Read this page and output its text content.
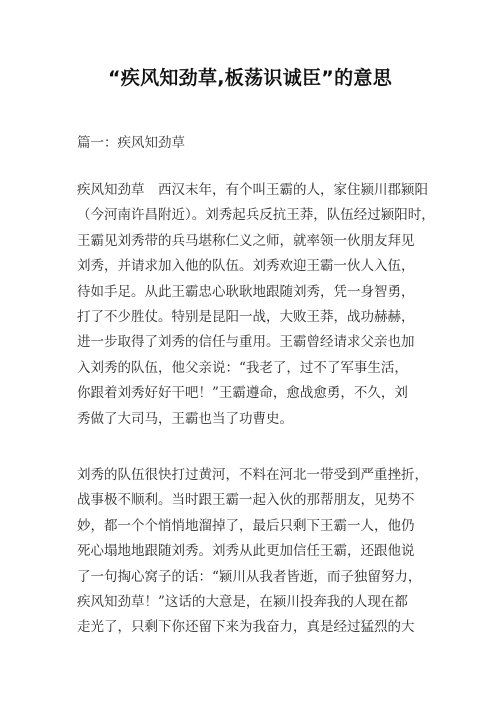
“疾风知劲草,板荡识诚臣”的意思
篇一：疾风知劲草
疾风知劲草　西汉末年，有个叫王霸的人，家住颍川郡颍阳
（今河南许昌附近）。刘秀起兵反抗王莽，队伍经过颍阳时，
王霸见刘秀带的兵马堪称仁义之师，就率领一伙朋友拜见
刘秀，并请求加入他的队伍。刘秀欢迎王霸一伙人入伍，
待如手足。从此王霸忠心耿耿地跟随刘秀，凭一身智勇，
打了不少胜仗。特别是昆阳一战，大败王莽，战功赫赫，
进一步取得了刘秀的信任与重用。王霸曾经请求父亲也加
入刘秀的队伍，他父亲说：“我老了，过不了军事生活，
你跟着刘秀好好干吧！”王霸遵命，愈战愈勇，不久，刘
秀做了大司马，王霸也当了功曹史。
刘秀的队伍很快打过黄河，不料在河北一带受到严重挫折，
战事极不顺利。当时跟王霸一起入伙的那帮朋友，见势不
妙，都一个个悄悄地溜掉了，最后只剩下王霸一人，他仍
死心塌地地跟随刘秀。刘秀从此更加信任王霸，还跟他说
了一句掏心窝子的话：“颍川从我者皆逝，而子独留努力，
疾风知劲草！”这话的大意是，在颍川投奔我的人现在都
走光了，只剩下你还留下来为我奋力，真是经过猛烈的大
